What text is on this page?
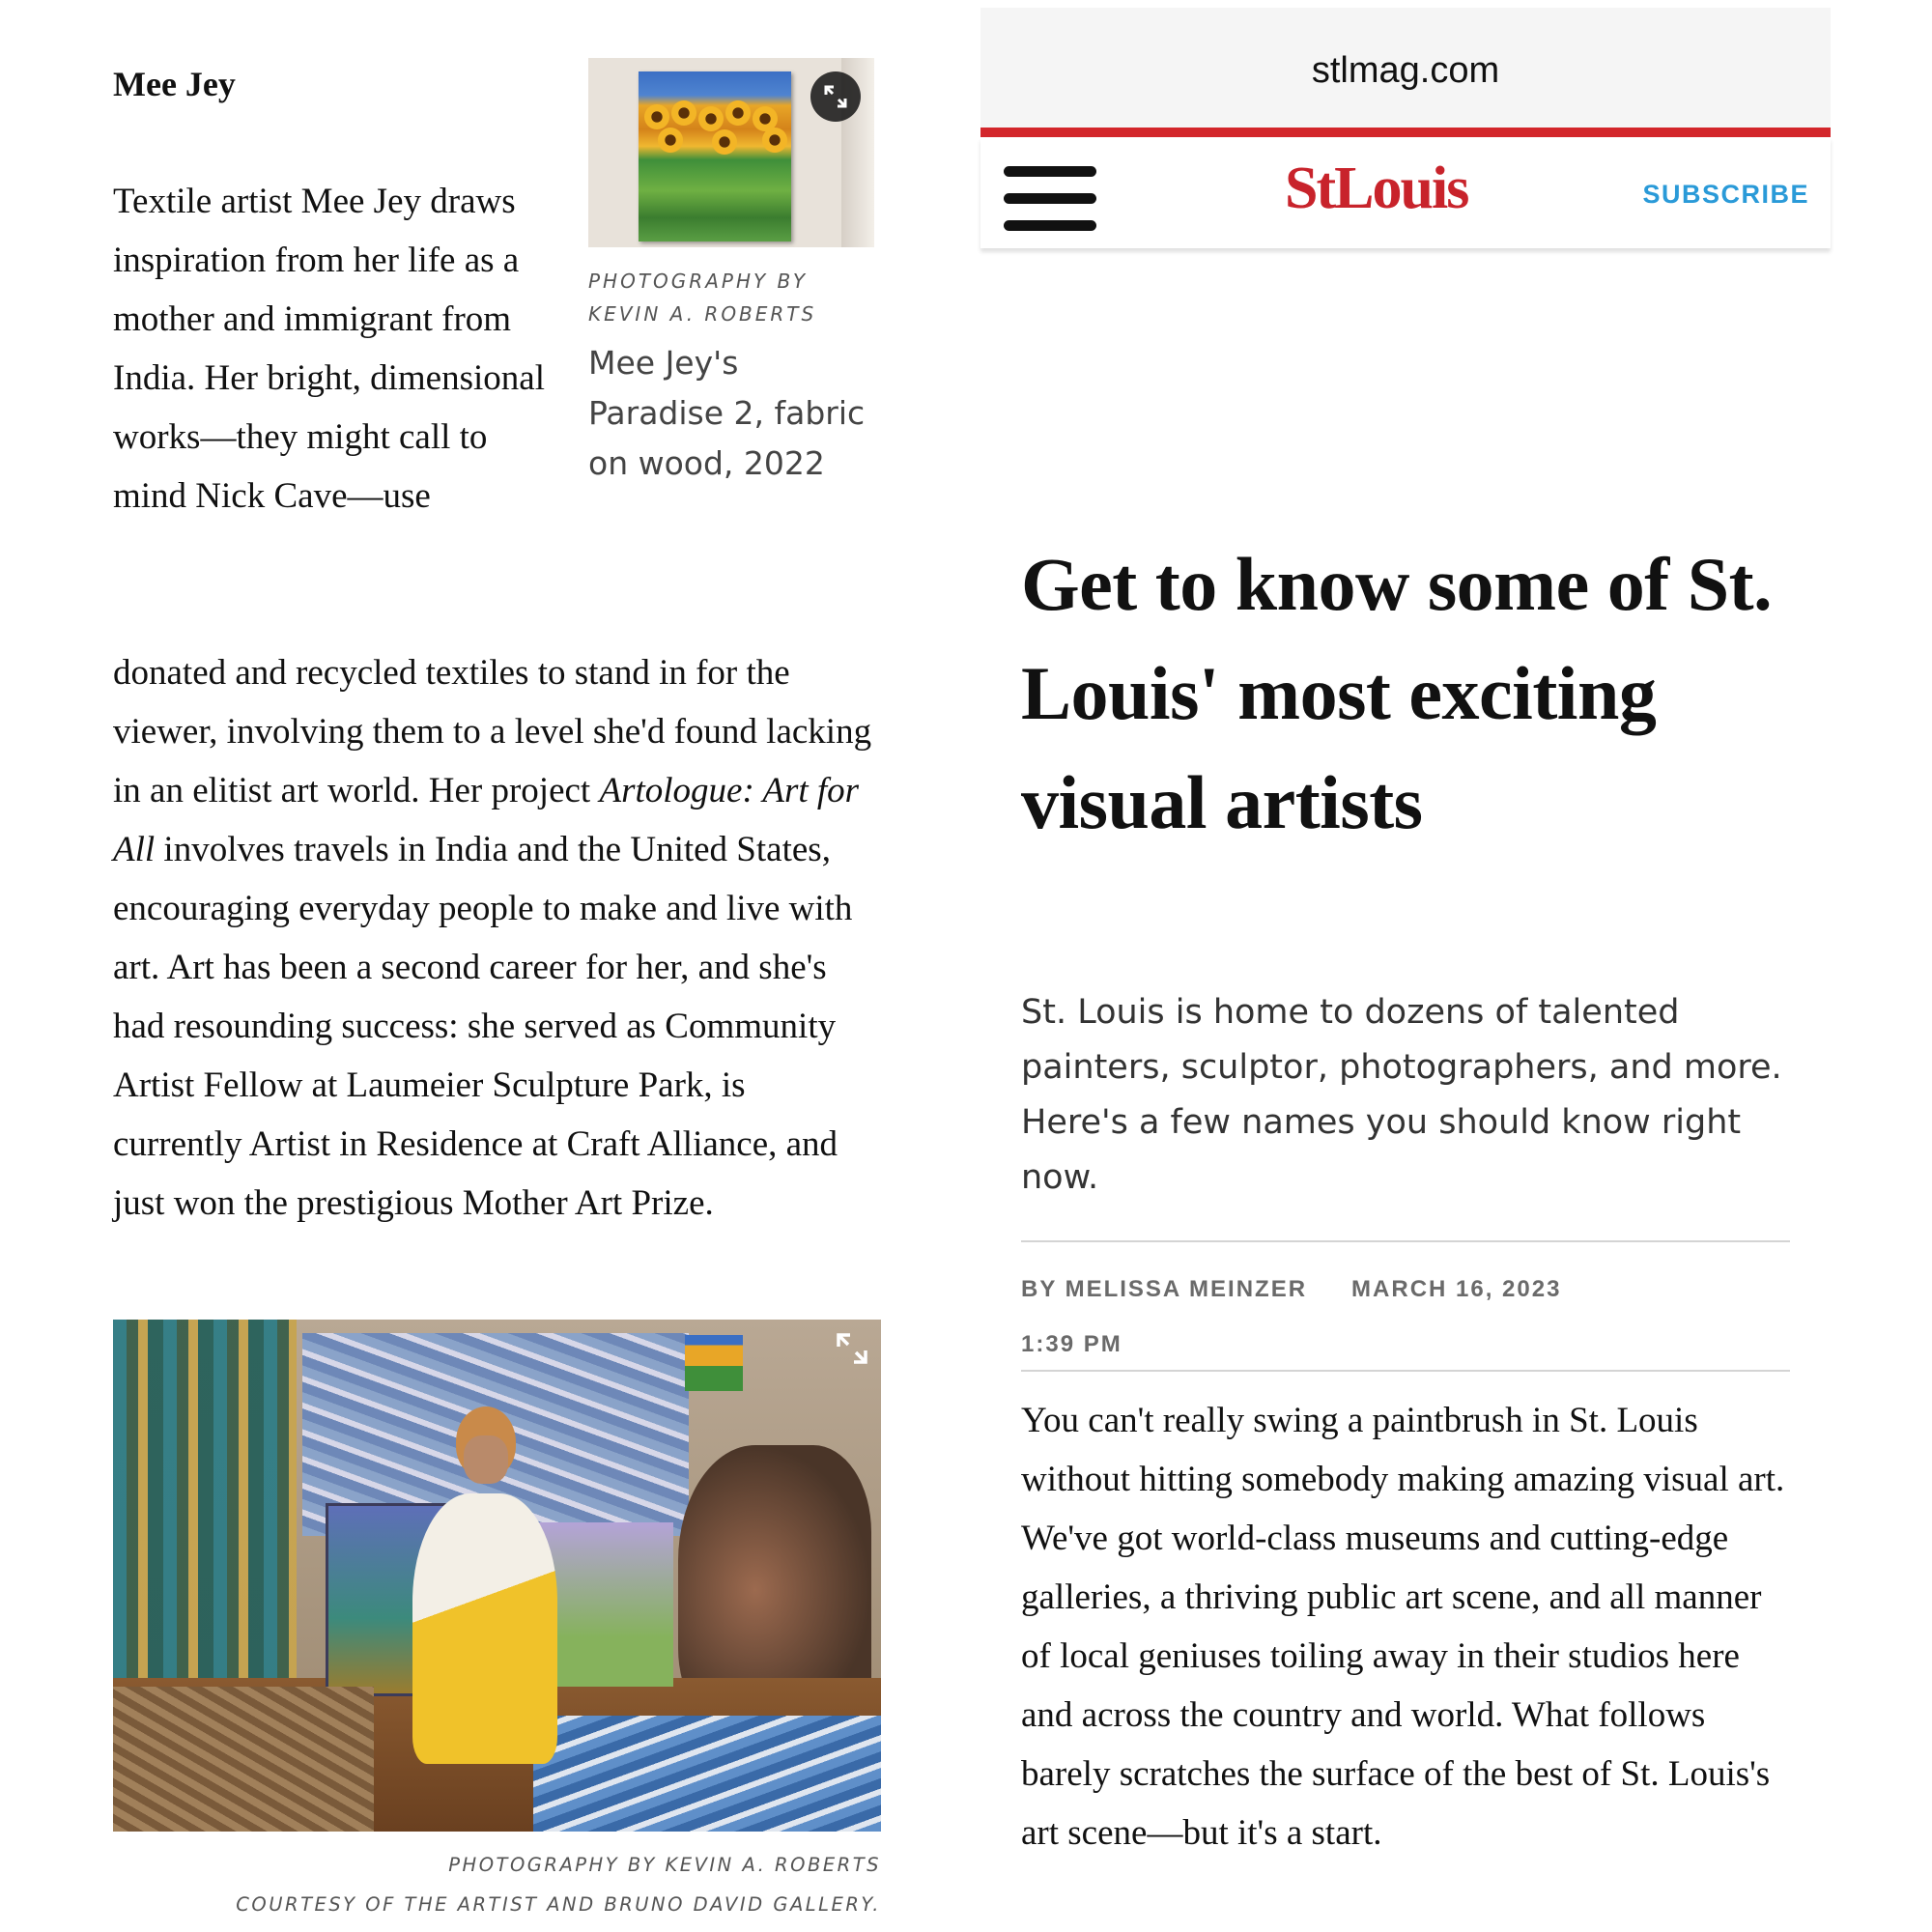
Mee Jey
PHOTOGRAPHY BY KEVIN A. ROBERTS
Mee Jey's Paradise 2, fabric on wood, 2022

Textile artist Mee Jey draws inspiration from her life as a mother and immigrant from India. Her bright, dimensional works—they might call to mind Nick Cave—use

donated and recycled textiles to stand in for the viewer, involving them to a level she'd found lacking in an elitist art world. Her project Artologue: Art for All involves travels in India and the United States, encouraging everyday people to make and live with art. Art has been a second career for her, and she's had resounding success: she served as Community Artist Fellow at Laumeier Sculpture Park, is currently Artist in Residence at Craft Alliance, and just won the prestigious Mother Art Prize.

PHOTOGRAPHY BY KEVIN A. ROBERTS
COURTESY OF THE ARTIST AND BRUNO DAVID GALLERY.
stlmag.com
StLouis	SUBSCRIBE
Get to know some of St. Louis' most exciting visual artists

St. Louis is home to dozens of talented painters, sculptor, photographers, and more. Here's a few names you should know right now.

BY MELISSA MEINZER MARCH 16, 2023
1:39 PM

You can't really swing a paintbrush in St. Louis without hitting somebody making amazing visual art. We've got world-class museums and cutting-edge galleries, a thriving public art scene, and all manner of local geniuses toiling away in their studios here and across the country and world. What follows barely scratches the surface of the best of St. Louis's art scene—but it's a start.
